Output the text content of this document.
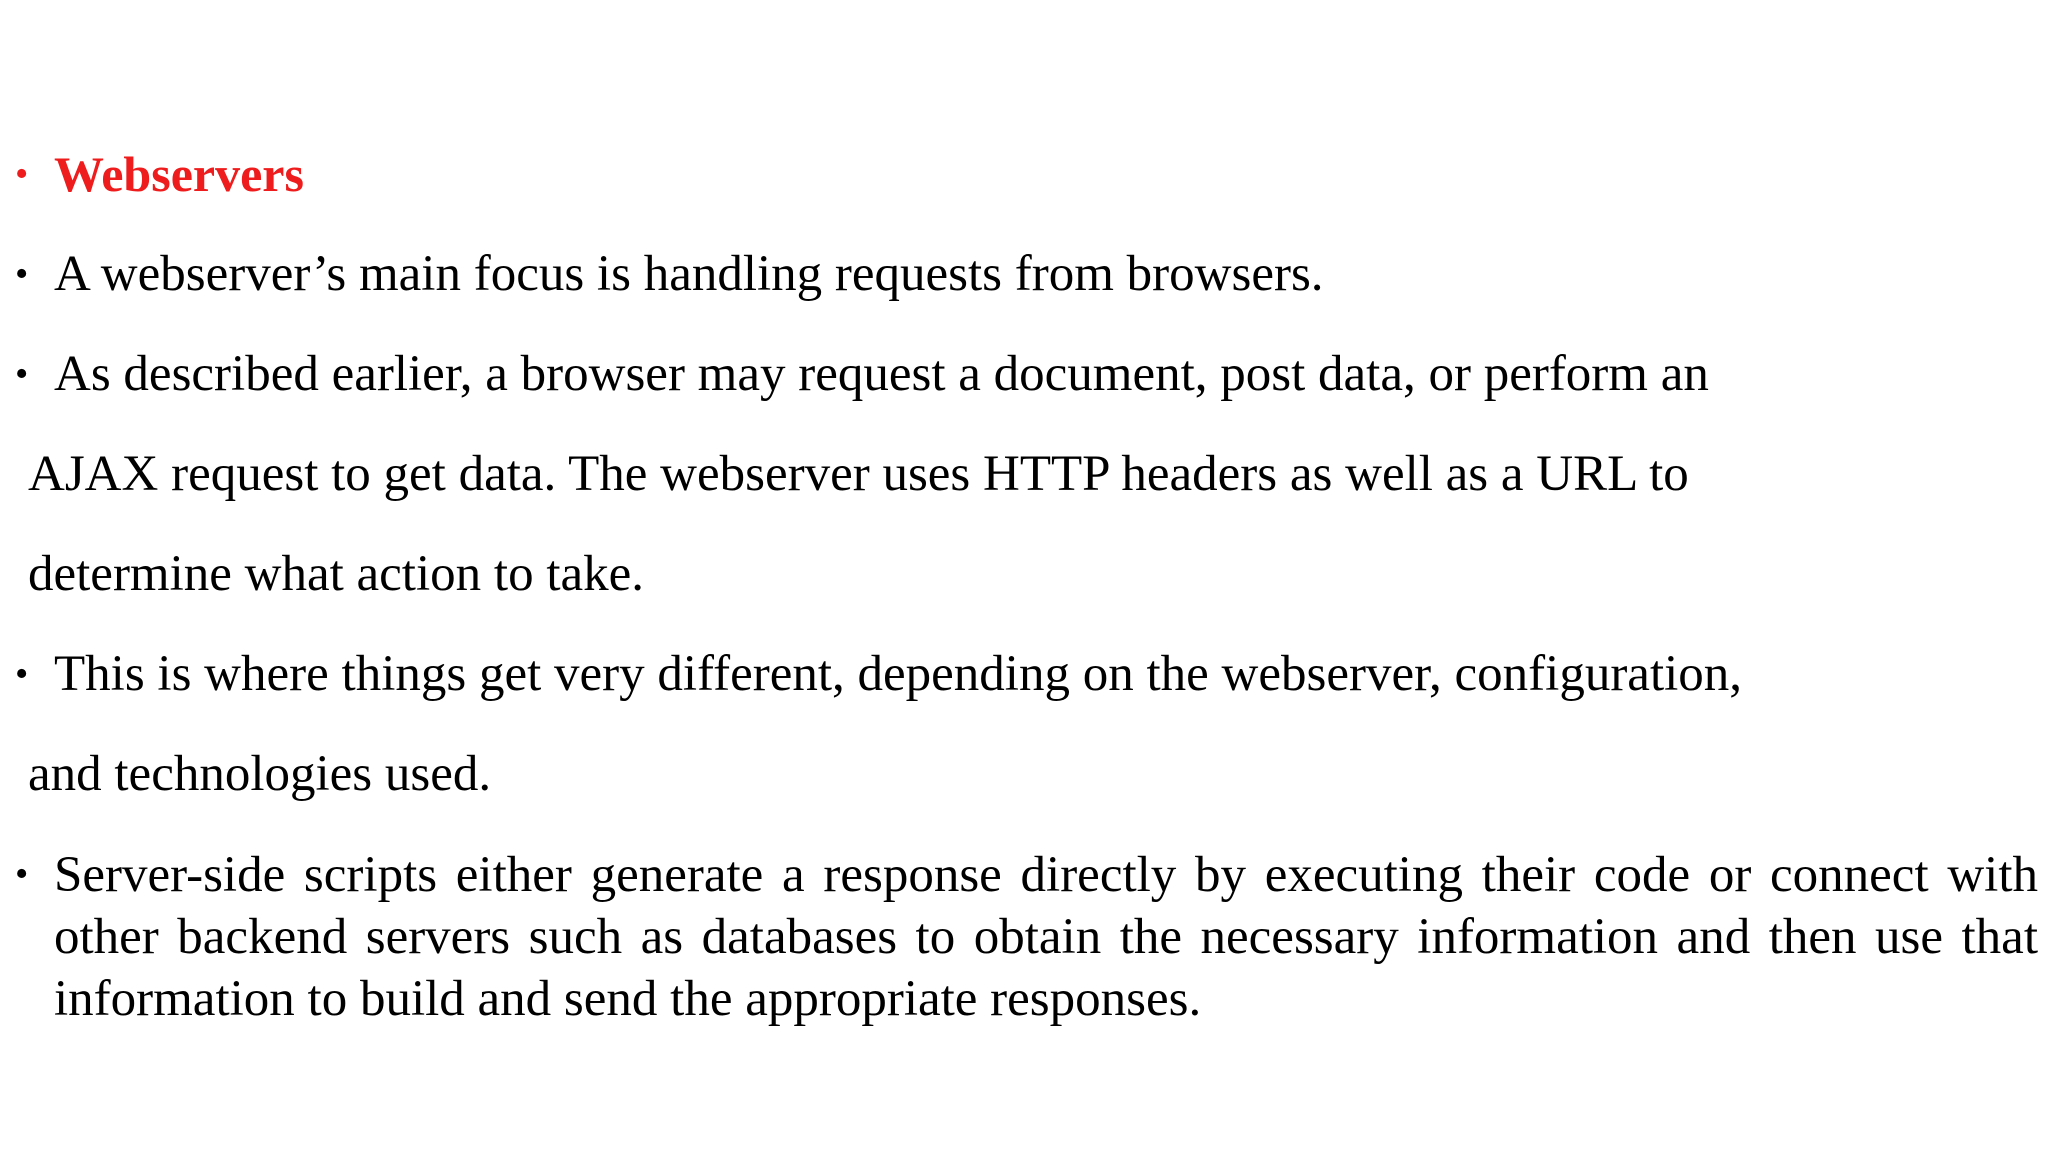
• Webservers
• A webserver’s main focus is handling requests from browsers.
• As described earlier, a browser may request a document, post data, or perform an
AJAX request to get data. The webserver uses HTTP headers as well as a URL to
determine what action to take.
• This is where things get very different, depending on the webserver, configuration,
and technologies used.
• Server-side scripts either generate a response directly by executing their code or connect with other backend servers such as databases to obtain the necessary information and then use that information to build and send the appropriate responses.
